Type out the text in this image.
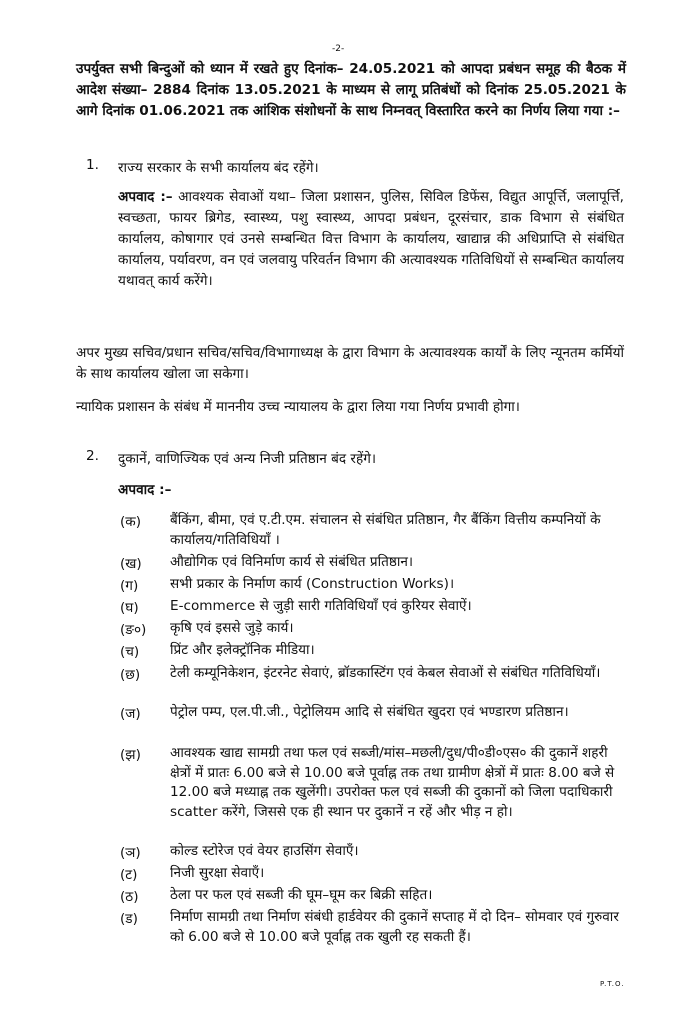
-2-
उपर्युक्त सभी बिन्दुओं को ध्यान में रखते हुए दिनांक– 24.05.2021 को आपदा प्रबंधन समूह की बैठक में आदेश संख्या– 2884 दिनांक 13.05.2021 के माध्यम से लागू प्रतिबंधों को दिनांक 25.05.2021 के आगे दिनांक 01.06.2021 तक आंशिक संशोधनों के साथ निम्नवत् विस्तारित करने का निर्णय लिया गया :–
1. राज्य सरकार के सभी कार्यालय बंद रहेंगे।
अपवाद :– आवश्यक सेवाओं यथा– जिला प्रशासन, पुलिस, सिविल डिफेंस, विद्युत आपूर्त्ति, जलापूर्त्ति, स्वच्छता, फायर ब्रिगेड, स्वास्थ्य, पशु स्वास्थ्य, आपदा प्रबंधन, दूरसंचार, डाक विभाग से संबंधित कार्यालय, कोषागार एवं उनसे सम्बन्धित वित्त विभाग के कार्यालय, खाद्यान्न की अधिप्राप्ति से संबंधित कार्यालय, पर्यावरण, वन एवं जलवायु परिवर्तन विभाग की अत्यावश्यक गतिविधियों से सम्बन्धित कार्यालय यथावत् कार्य करेंगे।
अपर मुख्य सचिव/प्रधान सचिव/सचिव/विभागाध्यक्ष के द्वारा विभाग के अत्यावश्यक कार्यों के लिए न्यूनतम कर्मियों के साथ कार्यालय खोला जा सकेगा।
न्यायिक प्रशासन के संबंध में माननीय उच्च न्यायालय के द्वारा लिया गया निर्णय प्रभावी होगा।
2. दुकानें, वाणिज्यिक एवं अन्य निजी प्रतिष्ठान बंद रहेंगे।
अपवाद :–
(क) बैंकिंग, बीमा, एवं ए.टी.एम. संचालन से संबंधित प्रतिष्ठान, गैर बैंकिंग वित्तीय कम्पनियों के कार्यालय/गतिविधियाँ ।
(ख) औद्योगिक एवं विनिर्माण कार्य से संबंधित प्रतिष्ठान।
(ग) सभी प्रकार के निर्माण कार्य (Construction Works)।
(घ) E-commerce से जुड़ी सारी गतिविधियाँ एवं कुरियर सेवाऐं।
(ङ०) कृषि एवं इससे जुड़े कार्य।
(च) प्रिंट और इलेक्ट्रॉनिक मीडिया।
(छ) टेली कम्यूनिकेशन, इंटरनेट सेवाएं, ब्रॉडकास्टिंग एवं केबल सेवाओं से संबंधित गतिविधियाँ।
(ज) पेट्रोल पम्प, एल.पी.जी., पेट्रोलियम आदि से संबंधित खुदरा एवं भण्डारण प्रतिष्ठान।
(झ) आवश्यक खाद्य सामग्री तथा फल एवं सब्जी/मांस–मछली/दुध/पी०डी०एस० की दुकानें शहरी क्षेत्रों में प्रातः 6.00 बजे से 10.00 बजे पूर्वाह्न तक तथा ग्रामीण क्षेत्रों में प्रातः 8.00 बजे से 12.00 बजे मध्याह्न तक खुलेंगी। उपरोक्त फल एवं सब्जी की दुकानों को जिला पदाधिकारी scatter करेंगे, जिससे एक ही स्थान पर दुकानें न रहें और भीड़ न हो।
(ञ) कोल्ड स्टोरेज एवं वेयर हाउसिंग सेवाएँ।
(ट) निजी सुरक्षा सेवाएँ।
(ठ) ठेला पर फल एवं सब्जी की घूम–घूम कर बिक्री सहित।
(ड) निर्माण सामग्री तथा निर्माण संबंधी हार्डवेयर की दुकानें सप्ताह में दो दिन– सोमवार एवं गुरुवार को 6.00 बजे से 10.00 बजे पूर्वाह्न तक खुली रह सकती हैं।
P.T.O.
